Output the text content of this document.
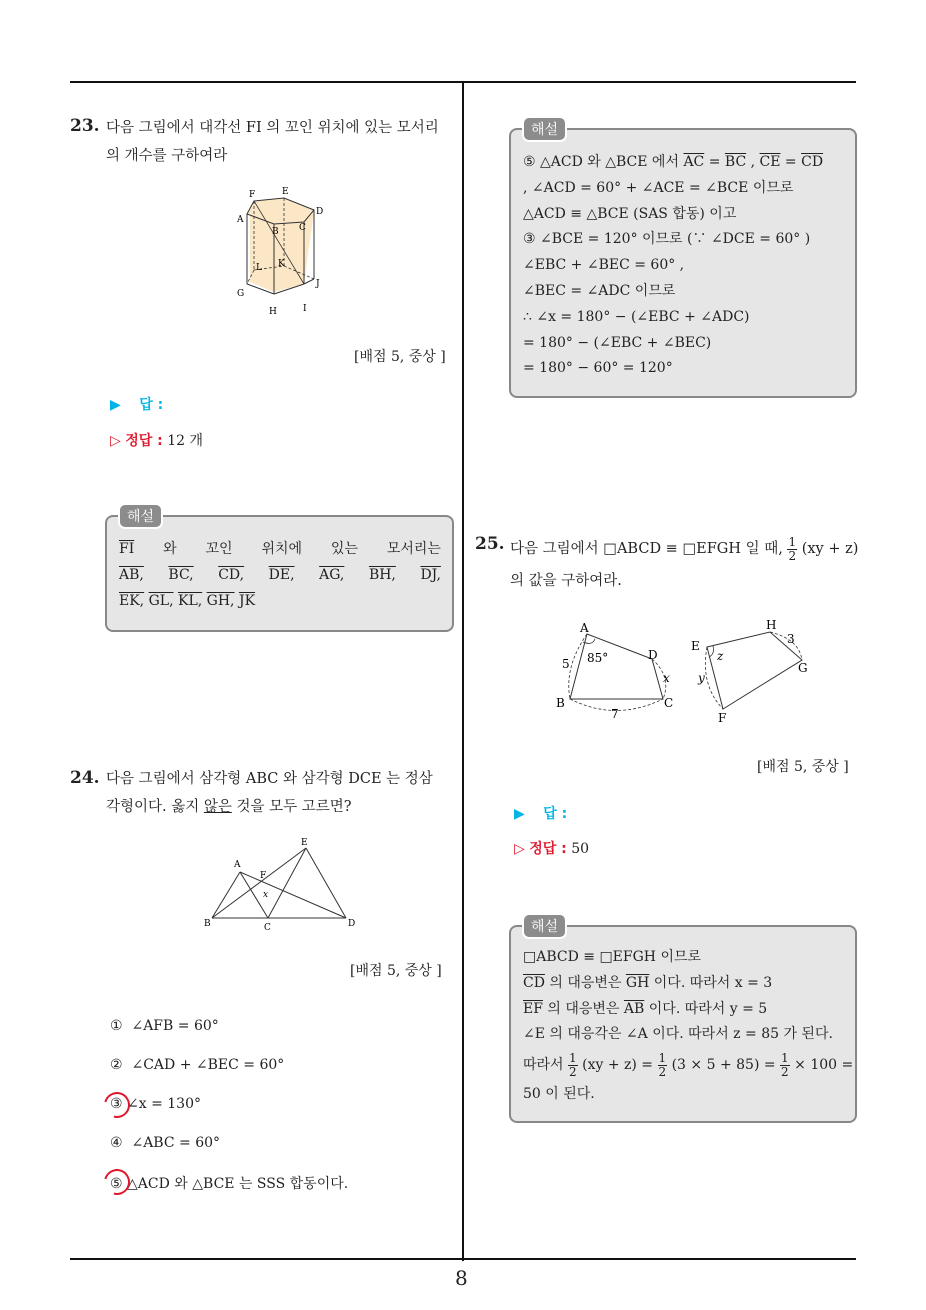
8
23. 다음 그림에서 대각선 FI 의 꼬인 위치에 있는 모서리
의 개수를 구하여라
F	E
A
D
B C
L K
G
J
H	I
[배점 5, 중상 ]
▶ 답 :
▷ 정답 : 12 개
$\overline{FI}$ 와 꼬인 위치에 있는 모서리는
AB, BC, CD, DE, AG, BH, DJ,
EK, GL, KL, GH, $\overline{JK}$
해설
24. 다음 그림에서 삼각형 ABC 와 삼각형 DCE 는 정삼
각형이다. 옳지 않은 것을 모두 고르면?
A
E
F
x
B	C	D
[배점 5, 중상 ]
① ∠AFB = 60°
② ∠CAD + ∠BEC = 60°
③ ∠x = 130°
④ ∠ABC = 60°
⑤ △ACD 와 △BCE 는 SSS 합동이다.
⑤ △ACD 와 △BCE 에서 $\overline{AC} = \overline{BC}$ , $\overline{CE} = \overline{CD}$
, ∠ACD = 60° + ∠ACE = ∠BCE 이므로
△ACD ≡ △BCE (SAS 합동) 이고
③ ∠BCE = 120° 이므로 (∵ ∠DCE = 60° )
∠EBC + ∠BEC = 60° ,
∠BEC = ∠ADC 이므로
∴ ∠x = 180° − (∠EBC + ∠ADC)
= 180° − (∠EBC + ∠BEC)
= 180° − 60° = 120°
해설
25. 다음 그림에서 □ABCD ≡ □EFGH 일 때, $\frac{1}{2} (xy + z)$
의 값을 구하여라.
A
D
B	C
5 85°
x
7
H
E	3
z
G
y
F
[배점 5, 중상 ]
▶ 답 :
▷ 정답 : 50
□ABCD ≡ □EFGH 이므로
$\overline{CD}$ 의 대응변은 $\overline{GH}$ 이다. 따라서 x = 3
$\overline{EF}$ 의 대응변은 $\overline{AB}$ 이다. 따라서 y = 5
∠E 의 대응각은 ∠A 이다. 따라서 z = 85 가 된다.
따라서 $\frac{1}{2} (xy + z) = \frac{1}{2} (3 \times 5 + 85) = \frac{1}{2} \times 100$ =
50 이 된다.
해설
